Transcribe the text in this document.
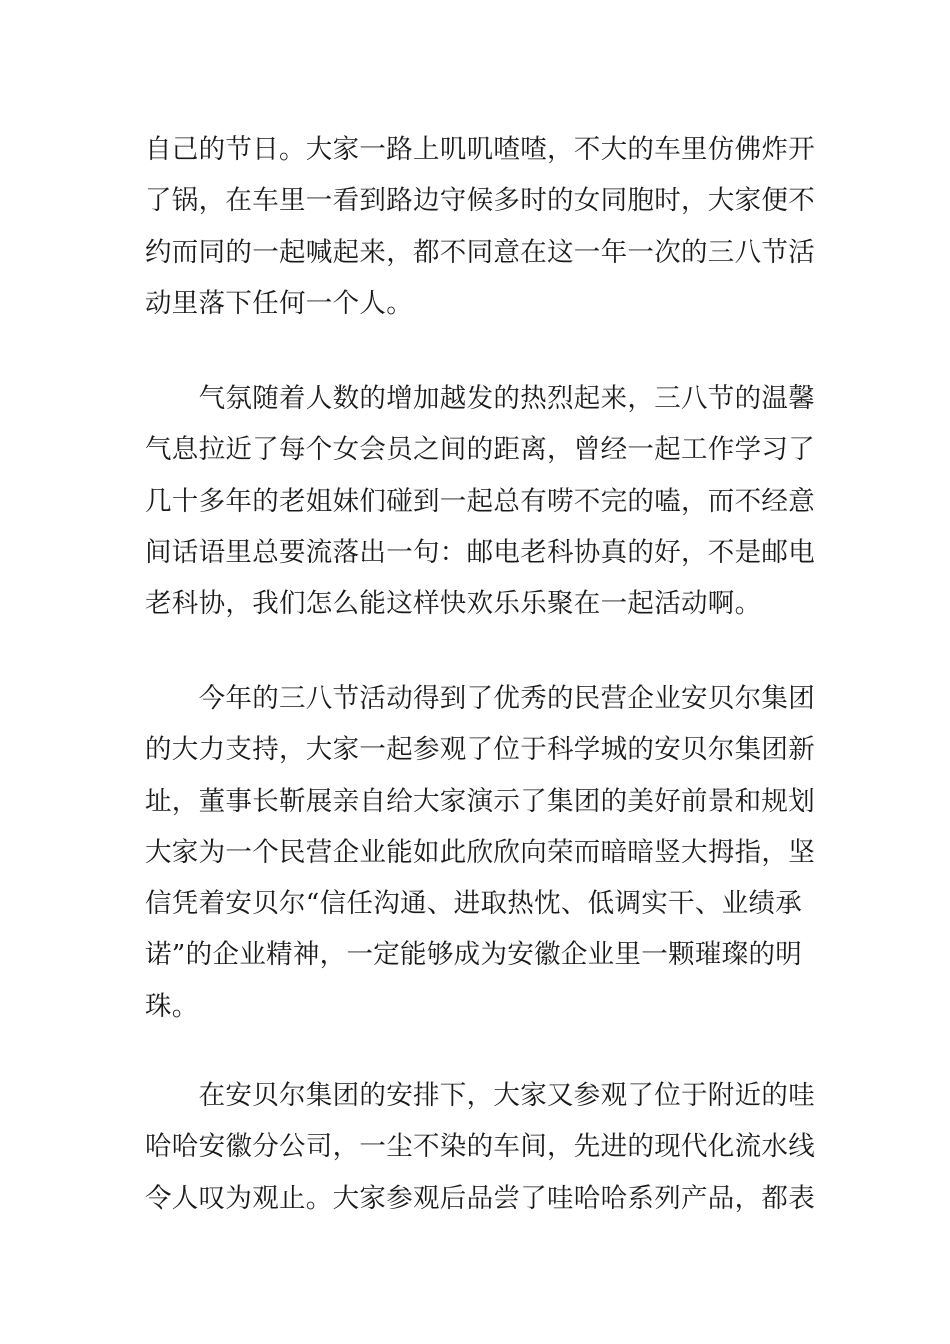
自己的节日。大家一路上叽叽喳喳，不大的车里仿佛炸开
了锅，在车里一看到路边守候多时的女同胞时，大家便不
约而同的一起喊起来，都不同意在这一年一次的三八节活
动里落下任何一个人。
　　气氛随着人数的增加越发的热烈起来，三八节的温馨
气息拉近了每个女会员之间的距离，曾经一起工作学习了
几十多年的老姐妹们碰到一起总有唠不完的嗑，而不经意
间话语里总要流落出一句：邮电老科协真的好，不是邮电
老科协，我们怎么能这样快欢乐乐聚在一起活动啊。
　　今年的三八节活动得到了优秀的民营企业安贝尔集团
的大力支持，大家一起参观了位于科学城的安贝尔集团新
址，董事长靳展亲自给大家演示了集团的美好前景和规划
大家为一个民营企业能如此欣欣向荣而暗暗竖大拇指，坚
信凭着安贝尔“信任沟通、进取热忱、低调实干、业绩承
诺”的企业精神，一定能够成为安徽企业里一颗璀璨的明
珠。
　　在安贝尔集团的安排下，大家又参观了位于附近的哇
哈哈安徽分公司，一尘不染的车间，先进的现代化流水线
令人叹为观止。大家参观后品尝了哇哈哈系列产品，都表
